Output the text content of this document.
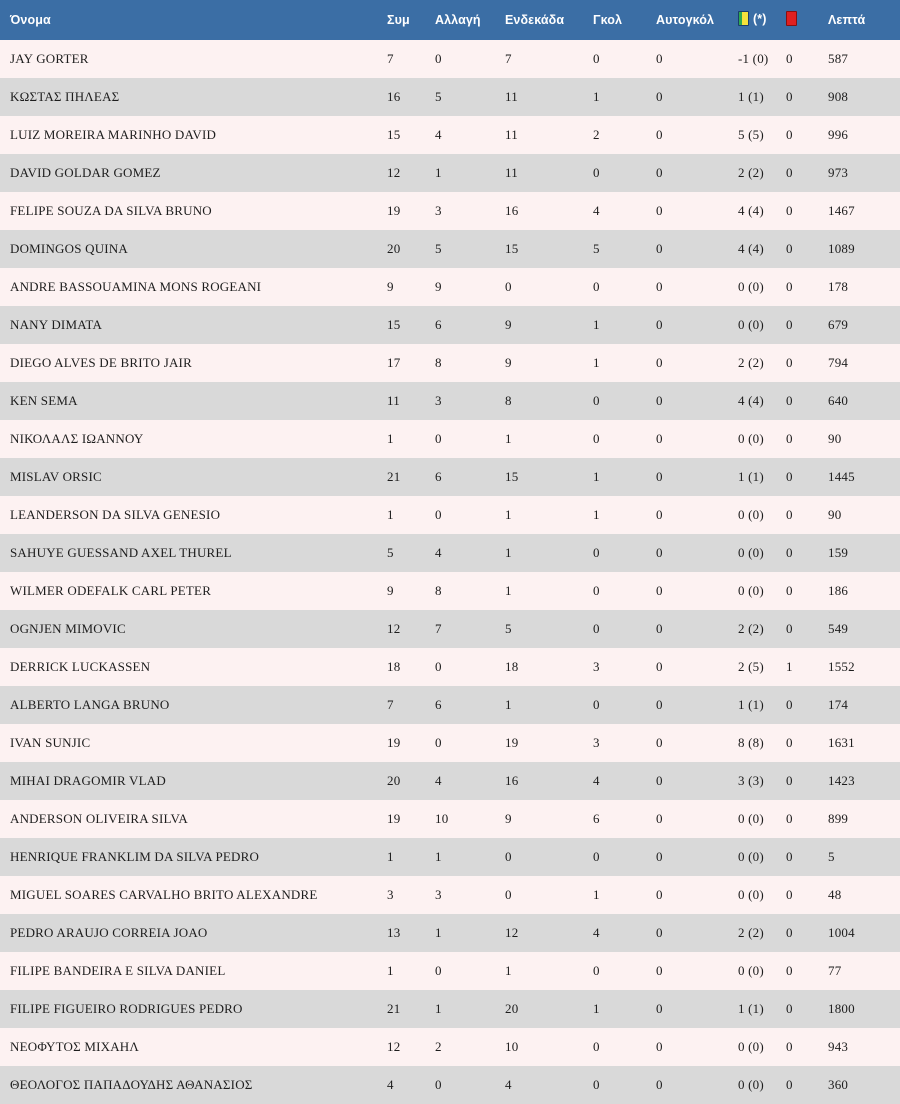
Όνομα	Συμ	Αλλαγή	Ενδεκάδα	Γκολ	Αυτογκόλ	(*)		Λεπτά
JAY GORTER	7	0	7	0	0	-1 (0)	0	587
ΚΩΣΤΑΣ ΠΗΛΕΑΣ	16	5	11	1	0	1 (1)	0	908
LUIZ MOREIRA MARINHO DAVID	15	4	11	2	0	5 (5)	0	996
DAVID GOLDAR GOMEZ	12	1	11	0	0	2 (2)	0	973
FELIPE SOUZA DA SILVA BRUNO	19	3	16	4	0	4 (4)	0	1467
DOMINGOS QUINA	20	5	15	5	0	4 (4)	0	1089
ANDRE BASSOUAMINA MONS ROGEANI	9	9	0	0	0	0 (0)	0	178
NANY DIMATA	15	6	9	1	0	0 (0)	0	679
DIEGO ALVES DE BRITO JAIR	17	8	9	1	0	2 (2)	0	794
KEN SEMA	11	3	8	0	0	4 (4)	0	640
ΝΙΚΟΛΑΛΣ ΙΩΑΝΝΟΥ	1	0	1	0	0	0 (0)	0	90
MISLAV ORSIC	21	6	15	1	0	1 (1)	0	1445
LEANDERSON DA SILVA GENESIO	1	0	1	1	0	0 (0)	0	90
SAHUYE GUESSAND AXEL THUREL	5	4	1	0	0	0 (0)	0	159
WILMER ODEFALK CARL PETER	9	8	1	0	0	0 (0)	0	186
OGNJEN MIMOVIC	12	7	5	0	0	2 (2)	0	549
DERRICK LUCKASSEN	18	0	18	3	0	2 (5)	1	1552
ALBERTO LANGA BRUNO	7	6	1	0	0	1 (1)	0	174
IVAN SUNJIC	19	0	19	3	0	8 (8)	0	1631
MIHAI DRAGOMIR VLAD	20	4	16	4	0	3 (3)	0	1423
ANDERSON OLIVEIRA SILVA	19	10	9	6	0	0 (0)	0	899
HENRIQUE FRANKLIM DA SILVA PEDRO	1	1	0	0	0	0 (0)	0	5
MIGUEL SOARES CARVALHO BRITO ALEXANDRE	3	3	0	1	0	0 (0)	0	48
PEDRO ARAUJO CORREIA JOAO	13	1	12	4	0	2 (2)	0	1004
FILIPE BANDEIRA E SILVA DANIEL	1	0	1	0	0	0 (0)	0	77
FILIPE FIGUEIRO RODRIGUES PEDRO	21	1	20	1	0	1 (1)	0	1800
ΝΕΟΦΥΤΟΣ ΜΙΧΑΗΛ	12	2	10	0	0	0 (0)	0	943
ΘΕΟΛΟΓΟΣ ΠΑΠΑΔΟΥΔΗΣ ΑΘΑΝΑΣΙΟΣ	4	0	4	0	0	0 (0)	0	360
